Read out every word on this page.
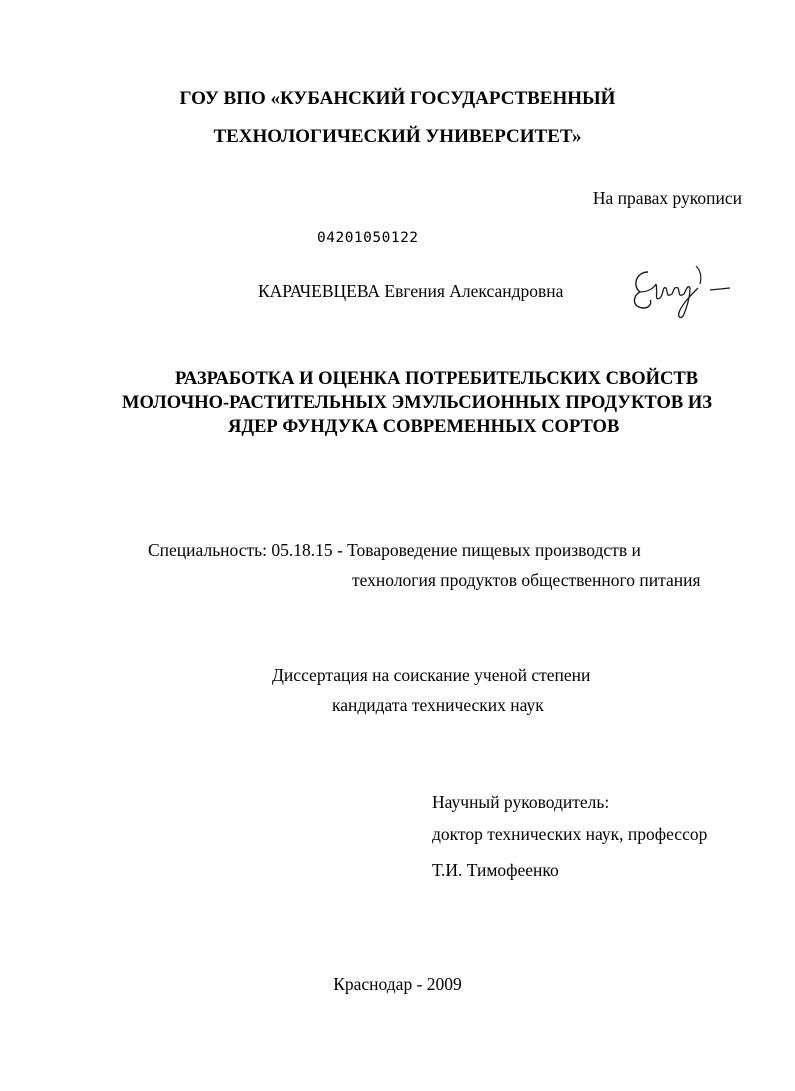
ГОУ ВПО «КУБАНСКИЙ ГОСУДАРСТВЕННЫЙ
ТЕХНОЛОГИЧЕСКИЙ УНИВЕРСИТЕТ»
На правах рукописи
04201050122
КАРАЧЕВЦЕВА Евгения Александровна
РАЗРАБОТКА И ОЦЕНКА ПОТРЕБИТЕЛЬСКИХ СВОЙСТВ
МОЛОЧНО-РАСТИТЕЛЬНЫХ ЭМУЛЬСИОННЫХ ПРОДУКТОВ ИЗ
ЯДЕР ФУНДУКА СОВРЕМЕННЫХ СОРТОВ
Специальность: 05.18.15 - Товароведение пищевых производств и
технология продуктов общественного питания
Диссертация на соискание ученой степени
кандидата технических наук
Научный руководитель:
доктор технических наук, профессор
Т.И. Тимофеенко
Краснодар - 2009
